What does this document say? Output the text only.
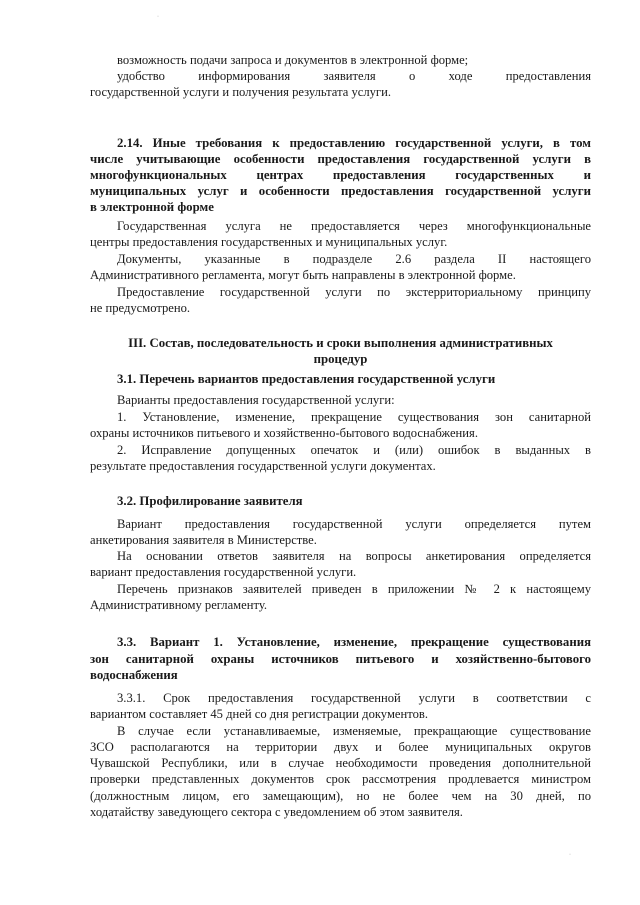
·
·
возможность подачи запроса и документов в электронной форме;
удобство информирования заявителя о ходе предоставления
государственной услуги и получения результата услуги.
2.14. Иные требования к предоставлению государственной услуги, в том
числе учитывающие особенности предоставления государственной услуги в
многофункциональных центрах предоставления государственных и
муниципальных услуг и особенности предоставления государственной услуги
в электронной форме
Государственная услуга не предоставляется через многофункциональные
центры предоставления государственных и муниципальных услуг.
Документы, указанные в подразделе 2.6 раздела II настоящего
Административного регламента, могут быть направлены в электронной форме.
Предоставление государственной услуги по экстерриториальному принципу
не предусмотрено.
III. Состав, последовательность и сроки выполнения административных
процедур
3.1. Перечень вариантов предоставления государственной услуги
Варианты предоставления государственной услуги:
1. Установление, изменение, прекращение существования зон санитарной
охраны источников питьевого и хозяйственно-бытового водоснабжения.
2. Исправление допущенных опечаток и (или) ошибок в выданных в
результате предоставления государственной услуги документах.
3.2. Профилирование заявителя
Вариант предоставления государственной услуги определяется путем
анкетирования заявителя в Министерстве.
На основании ответов заявителя на вопросы анкетирования определяется
вариант предоставления государственной услуги.
Перечень признаков заявителей приведен в приложении № 2 к настоящему
Административному регламенту.
3.3. Вариант 1. Установление, изменение, прекращение существования
зон санитарной охраны источников питьевого и хозяйственно-бытового
водоснабжения
3.3.1. Срок предоставления государственной услуги в соответствии с
вариантом составляет 45 дней со дня регистрации документов.
В случае если устанавливаемые, изменяемые, прекращающие существование
ЗСО располагаются на территории двух и более муниципальных округов
Чувашской Республики, или в случае необходимости проведения дополнительной
проверки представленных документов срок рассмотрения продлевается министром
(должностным лицом, его замещающим), но не более чем на 30 дней, по
ходатайству заведующего сектора с уведомлением об этом заявителя.
